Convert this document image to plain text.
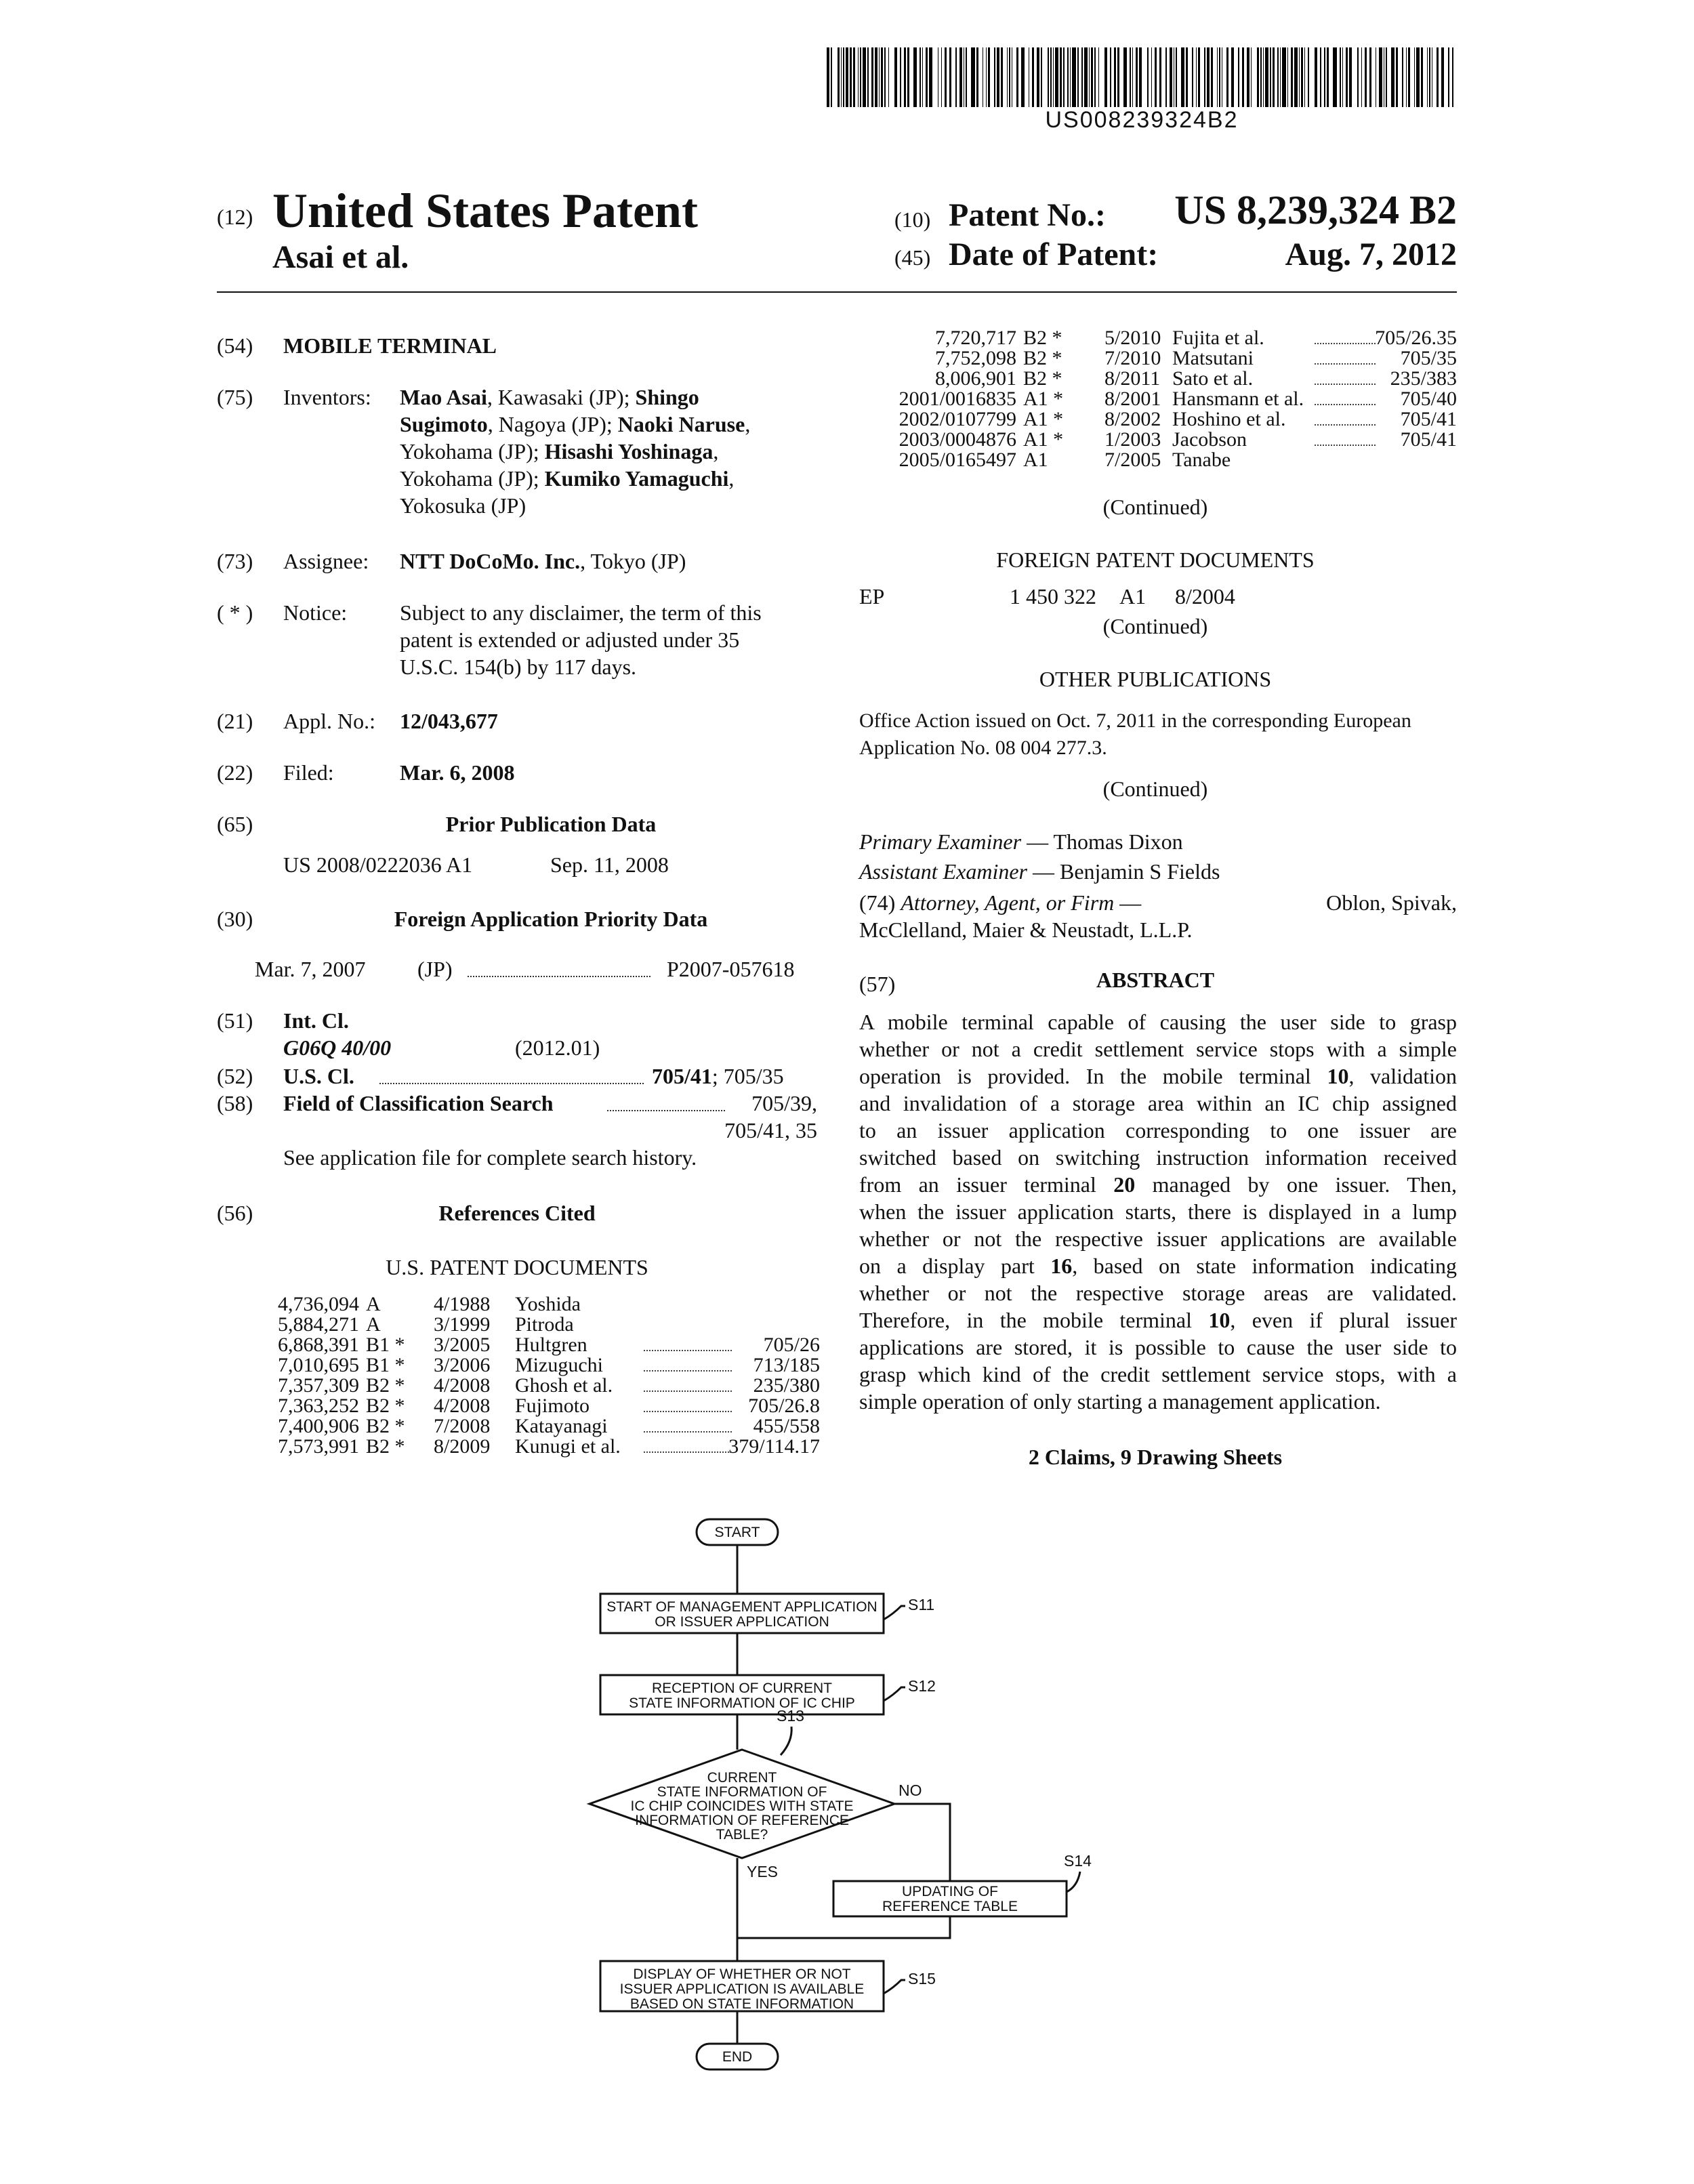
US008239324B2
(12) United States Patent
Asai et al.
(10) Patent No.:	US 8,239,324 B2
(45) Date of Patent:	Aug. 7, 2012
(54) MOBILE TERMINAL
(75) Inventors: Mao Asai, Kawasaki (JP); Shingo
Sugimoto, Nagoya (JP); Naoki Naruse,
Yokohama (JP); Hisashi Yoshinaga,
Yokohama (JP); Kumiko Yamaguchi,
Yokosuka (JP)
(73) Assignee: NTT DoCoMo. Inc., Tokyo (JP)
( * ) Notice: Subject to any disclaimer, the term of this
patent is extended or adjusted under 35
U.S.C. 154(b) by 117 days.
(21) Appl. No.: 12/043,677
(22) Filed:	Mar. 6, 2008
(65)	Prior Publication Data
US 2008/0222036 A1	Sep. 11, 2008
(30)	Foreign Application Priority Data
Mar. 7, 2007 (JP)	P2007-057618
(51) Int. Cl.
G06Q 40/00	(2012.01)
(52) U.S. Cl.	705/41; 705/35
(58) Field of Classification Search	705/39,
705/41, 35
See application file for complete search history.
(56)	References Cited
U.S. PATENT DOCUMENTS
4,736,094 A	4/1988 Yoshida
5,884,271 A	3/1999 Pitroda
6,868,391 B1 * 3/2005 Hultgren	705/26
7,010,695 B1 * 3/2006 Mizuguchi	713/185
7,357,309 B2 * 4/2008 Ghosh et al.	235/380
7,363,252 B2 * 4/2008 Fujimoto	705/26.8
7,400,906 B2 * 7/2008 Katayanagi	455/558
7,573,991 B2 * 8/2009 Kunugi et al.	379/114.17
7,720,717 B2 * 5/2010 Fujita et al.	705/26.35
7,752,098 B2 * 7/2010 Matsutani	705/35
8,006,901 B2 * 8/2011 Sato et al.	235/383
2001/0016835 A1 * 8/2001 Hansmann et al.	705/40
2002/0107799 A1 * 8/2002 Hoshino et al.	705/41
2003/0004876 A1 * 1/2003 Jacobson	705/41
2005/0165497 A1	7/2005 Tanabe
(Continued)
FOREIGN PATENT DOCUMENTS
EP	1 450 322 A1 8/2004
(Continued)
OTHER PUBLICATIONS
Office Action issued on Oct. 7, 2011 in the corresponding European
Application No. 08 004 277.3.
(Continued)
Primary Examiner — Thomas Dixon
Assistant Examiner — Benjamin S Fields
(74) Attorney, Agent, or Firm —	Oblon, Spivak,
McClelland, Maier & Neustadt, L.L.P.
(57)	ABSTRACT
A mobile terminal capable of causing the user side to grasp
whether or not a credit settlement service stops with a simple
operation is provided. In the mobile terminal 10, validation
and invalidation of a storage area within an IC chip assigned
to an issuer application corresponding to one issuer are
switched based on switching instruction information received
from an issuer terminal 20 managed by one issuer. Then,
when the issuer application starts, there is displayed in a lump
whether or not the respective issuer applications are available
on a display part 16, based on state information indicating
whether or not the respective storage areas are validated.
Therefore, in the mobile terminal 10, even if plural issuer
applications are stored, it is possible to cause the user side to
grasp which kind of the credit settlement service stops, with a
simple operation of only starting a management application.
2 Claims, 9 Drawing Sheets
START
START OF MANAGEMENT APPLICATION
OR ISSUER APPLICATION
RECEPTION OF CURRENT
STATE INFORMATION OF IC CHIP
CURRENT
STATE INFORMATION OF
IC CHIP COINCIDES WITH STATE
INFORMATION OF REFERENCE
TABLE?
UPDATING OF
REFERENCE TABLE
DISPLAY OF WHETHER OR NOT
ISSUER APPLICATION IS AVAILABLE
BASED ON STATE INFORMATION
END
S11
S12
S13
NO
YES
S14
S15
